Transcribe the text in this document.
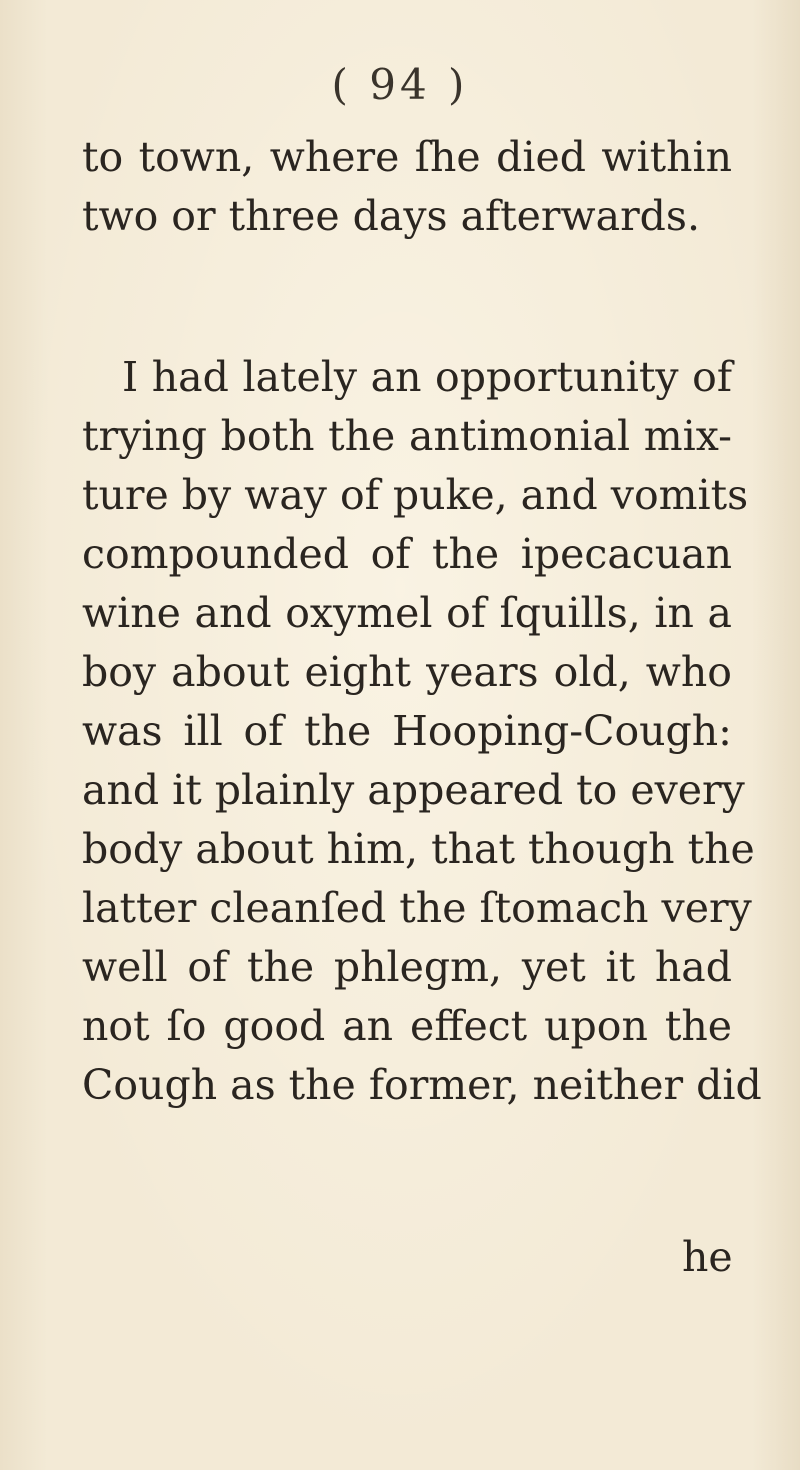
( 94 )
to town, where ſhe died within
two or three days afterwards.
I had lately an opportunity of
trying both the antimonial mix-
ture by way of puke, and vomits
compounded of the ipecacuan
wine and oxymel of ſquills, in a
boy about eight years old, who
was ill of the Hooping-Cough:
and it plainly appeared to every
body about him, that though the
latter cleanſed the ſtomach very
well of the phlegm, yet it had
not ſo good an effect upon the
Cough as the former, neither did
he
